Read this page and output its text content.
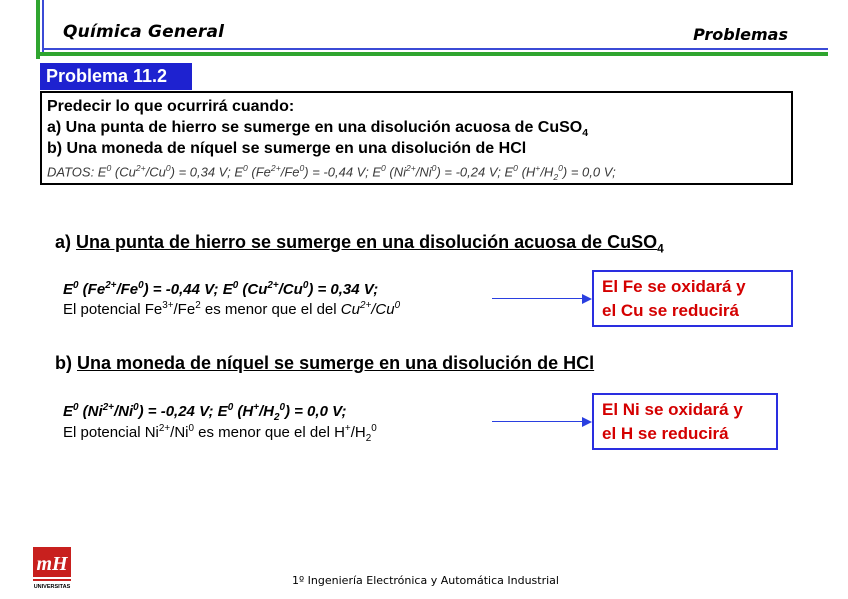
Química General	Problemas
Problema 11.2
Predecir lo que ocurrirá cuando:
a) Una punta de hierro se sumerge en una disolución acuosa de CuSO$_4$
b) Una moneda de níquel se sumerge en una disolución de HCl
DATOS: $E^0$ $(Cu^{2+}/Cu^0) = 0,34$ V; $E^0$ $(Fe^{2+}/Fe^0) = -0,44$ V; $E^0$ $(Ni^{2+}/Ni^0) = -0,24$ V; $E^0$ $(H^+/H_2^0) = 0,0$ V;
a) Una punta de hierro se sumerge en una disolución acuosa de CuSO$_4$
$E^0$ $(Fe^{2+}/Fe^0) = -0,44$ V; $E^0$ $(Cu^{2+}/Cu^0) = 0,34$ V;
El potencial $Fe^{3+}/Fe^2$ es menor que el del $Cu^{2+}/Cu^0$
El Fe se oxidará y
el Cu se reducirá
b) Una moneda de níquel se sumerge en una disolución de HCl
$E^0$ $(Ni^{2+}/Ni^0) = -0,24$ V; $E^0$ $(H^+/H_2^0) = 0,0$ V;
El potencial $Ni^{2+}/Ni^0$ es menor que el del $H^+/H_2^0$
El Ni se oxidará y
el H se reducirá
mH
UNIVERSITAS	1º Ingeniería Electrónica y Automática Industrial
